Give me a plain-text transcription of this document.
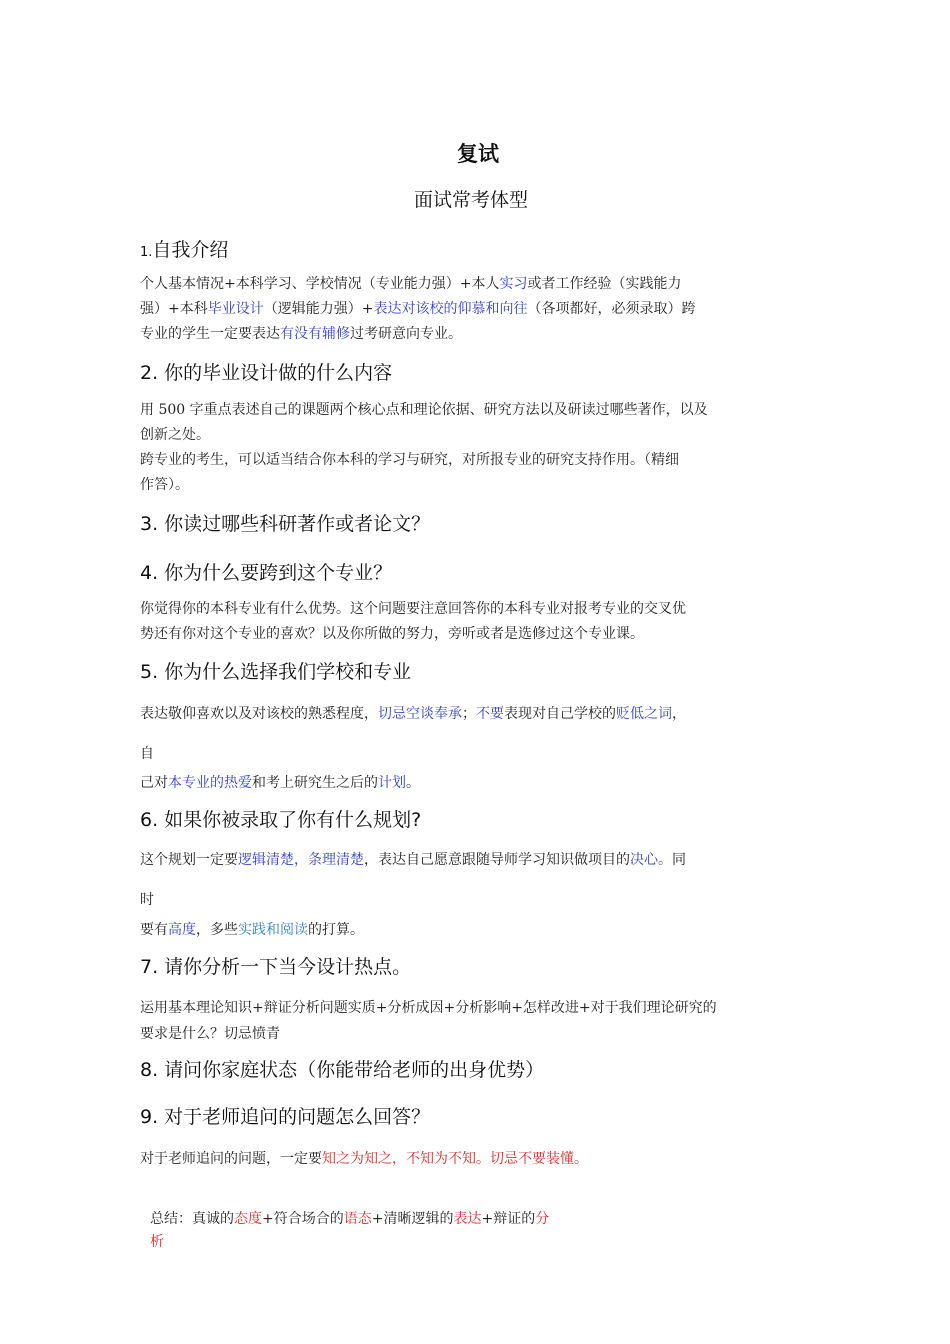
复试
面试常考体型
1.自我介绍
个人基本情况+本科学习、学校情况（专业能力强）+本人实习或者工作经验（实践能力
强）+本科毕业设计（逻辑能力强）+表达对该校的仰慕和向往（各项都好，必须录取）跨
专业的学生一定要表达有没有辅修过考研意向专业。
2. 你的毕业设计做的什么内容
用 500 字重点表述自己的课题两个核心点和理论依据、研究方法以及研读过哪些著作，以及
创新之处。
跨专业的考生，可以适当结合你本科的学习与研究，对所报专业的研究支持作用。（精细
作答）。
3. 你读过哪些科研著作或者论文？
4. 你为什么要跨到这个专业？
你觉得你的本科专业有什么优势。这个问题要注意回答你的本科专业对报考专业的交叉优
势还有你对这个专业的喜欢？以及你所做的努力，旁听或者是选修过这个专业课。
5. 你为什么选择我们学校和专业
表达敬仰喜欢以及对该校的熟悉程度，切忌空谈奉承；不要表现对自己学校的贬低之词，
自
己对本专业的热爱和考上研究生之后的计划。
6. 如果你被录取了你有什么规划?
这个规划一定要逻辑清楚，条理清楚，表达自己愿意跟随导师学习知识做项目的决心。同
时
要有高度，多些实践和阅读的打算。
7. 请你分析一下当今设计热点。
运用基本理论知识+辩证分析问题实质+分析成因+分析影响+怎样改进+对于我们理论研究的
要求是什么？切忌愤青
8. 请问你家庭状态（你能带给老师的出身优势）
9. 对于老师追问的问题怎么回答？
对于老师追问的问题，一定要知之为知之，不知为不知。切忌不要装懂。
总结：真诚的态度+符合场合的语态+清晰逻辑的表达+辩证的分
析
